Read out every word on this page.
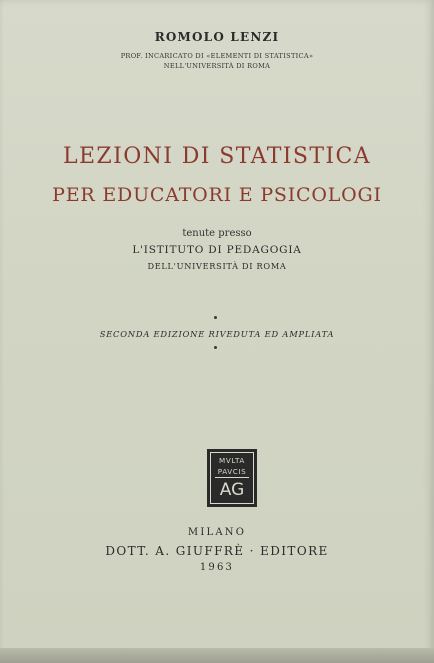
ROMOLO LENZI
PROF. INCARICATO DI «ELEMENTI DI STATISTICA»
NELL'UNIVERSITÀ DI ROMA
LEZIONI DI STATISTICA
PER EDUCATORI E PSICOLOGI
tenute presso
L'ISTITUTO DI PEDAGOGIA
DELL'UNIVERSITÀ DI ROMA
SECONDA EDIZIONE RIVEDUTA ED AMPLIATA
MVLTA
PAVCIS
AG
MILANO
DOTT. A. GIUFFRÈ · EDITORE
1963
